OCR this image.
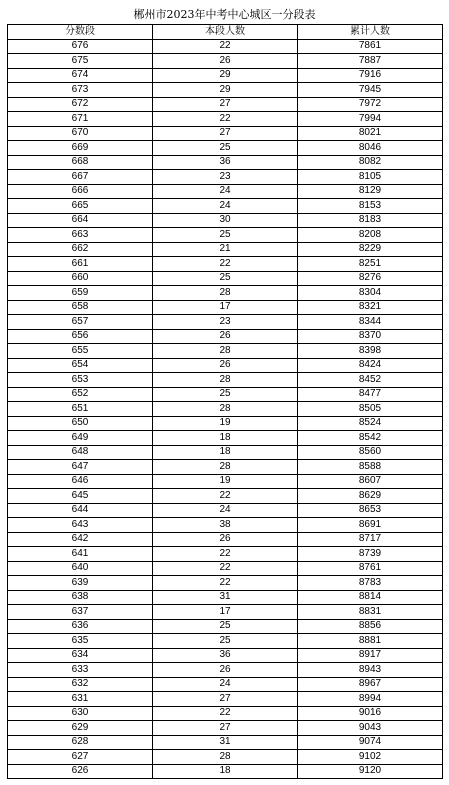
郴州市2023年中考中心城区一分段表
分数段	本段人数	累计人数
676	22	7861
675	26	7887
674	29	7916
673	29	7945
672	27	7972
671	22	7994
670	27	8021
669	25	8046
668	36	8082
667	23	8105
666	24	8129
665	24	8153
664	30	8183
663	25	8208
662	21	8229
661	22	8251
660	25	8276
659	28	8304
658	17	8321
657	23	8344
656	26	8370
655	28	8398
654	26	8424
653	28	8452
652	25	8477
651	28	8505
650	19	8524
649	18	8542
648	18	8560
647	28	8588
646	19	8607
645	22	8629
644	24	8653
643	38	8691
642	26	8717
641	22	8739
640	22	8761
639	22	8783
638	31	8814
637	17	8831
636	25	8856
635	25	8881
634	36	8917
633	26	8943
632	24	8967
631	27	8994
630	22	9016
629	27	9043
628	31	9074
627	28	9102
626	18	9120
